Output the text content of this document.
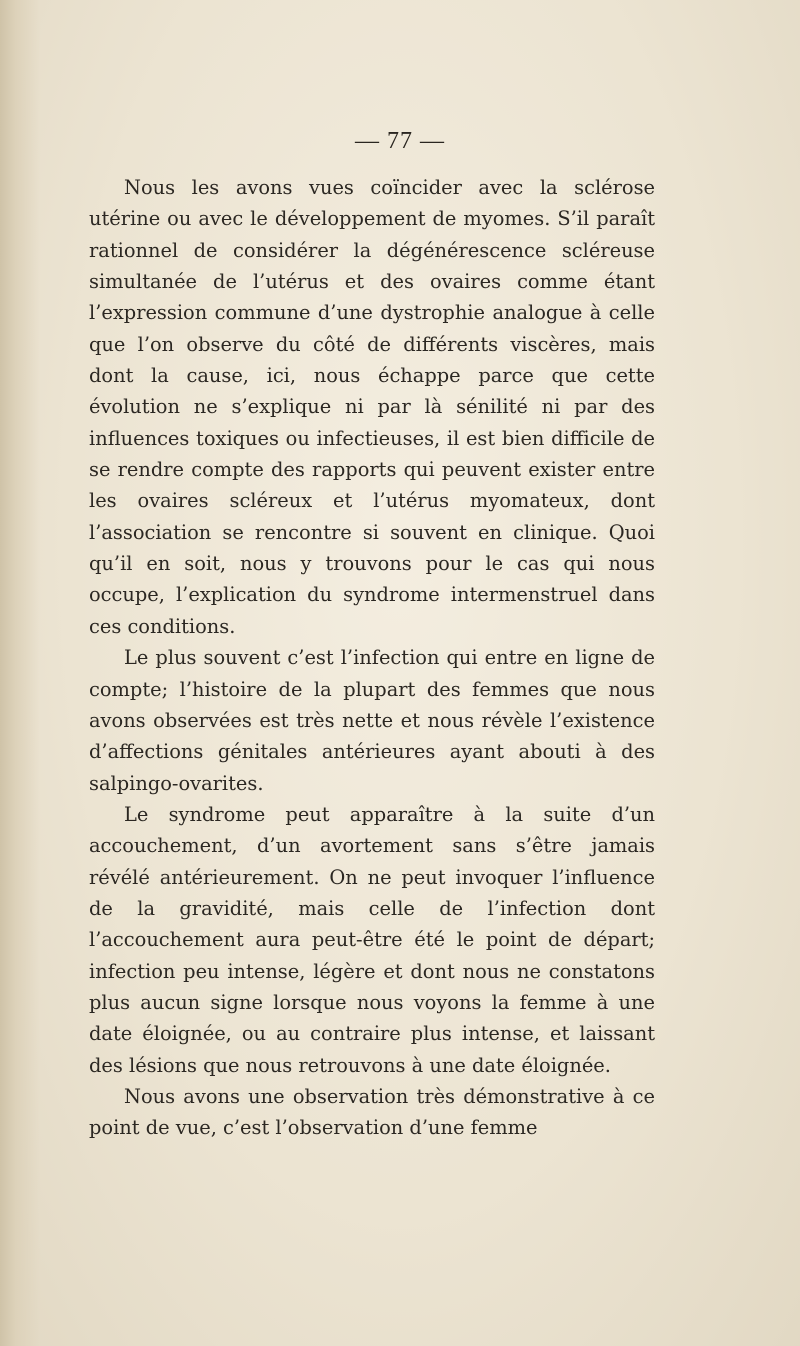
— 77 —

Nous les avons vues coïncider avec la sclérose utérine ou avec le développement de myomes. S’il paraît rationnel de considérer la dégénérescence scléreuse simultanée de l’utérus et des ovaires comme étant l’expression commune d’une dystrophie analogue à celle que l’on observe du côté de différents viscères, mais dont la cause, ici, nous échappe parce que cette évolution ne s’explique ni par là sénilité ni par des influences toxiques ou infectieuses, il est bien difficile de se rendre compte des rapports qui peuvent exister entre les ovaires scléreux et l’utérus myomateux, dont l’association se rencontre si souvent en clinique. Quoi qu’il en soit, nous y trouvons pour le cas qui nous occupe, l’explication du syndrome intermenstruel dans ces conditions.

Le plus souvent c’est l’infection qui entre en ligne de compte; l’histoire de la plupart des femmes que nous avons observées est très nette et nous révèle l’existence d’affections génitales antérieures ayant abouti à des salpingo-ovarites.

Le syndrome peut apparaître à la suite d’un accouchement, d’un avortement sans s’être jamais révélé antérieurement. On ne peut invoquer l’influence de la gravidité, mais celle de l’infection dont l’accouchement aura peut-être été le point de départ; infection peu intense, légère et dont nous ne constatons plus aucun signe lorsque nous voyons la femme à une date éloignée, ou au contraire plus intense, et laissant des lésions que nous retrouvons à une date éloignée.

Nous avons une observation très démonstrative à ce point de vue, c’est l’observation d’une femme
